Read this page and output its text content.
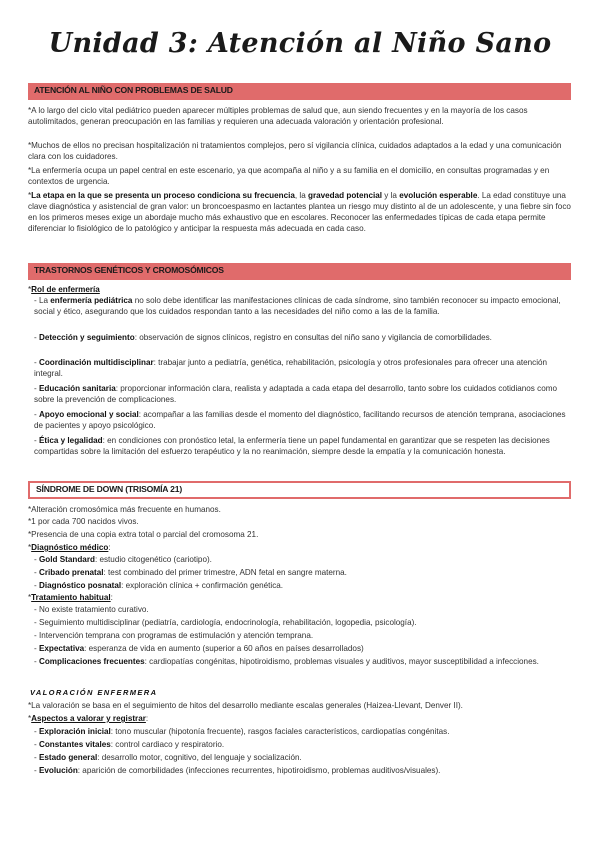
Unidad 3: Atención al Niño Sano
ATENCIÓN AL NIÑO CON PROBLEMAS DE SALUD

*A lo largo del ciclo vital pediátrico pueden aparecer múltiples problemas de salud que, aun siendo frecuentes y en la mayoría de los casos autolimitados, generan preocupación en las familias y requieren una adecuada valoración y orientación profesional.

*Muchos de ellos no precisan hospitalización ni tratamientos complejos, pero sí vigilancia clínica, cuidados adaptados a la edad y una comunicación clara con los cuidadores.

*La enfermería ocupa un papel central en este escenario, ya que acompaña al niño y a su familia en el domicilio, en consultas programadas y en contextos de urgencia.

*La etapa en la que se presenta un proceso condiciona su frecuencia, la gravedad potencial y la evolución esperable. La edad constituye una clave diagnóstica y asistencial de gran valor: un broncoespasmo en lactantes plantea un riesgo muy distinto al de un adolescente, y una fiebre sin foco en los primeros meses exige un abordaje mucho más exhaustivo que en escolares. Reconocer las enfermedades típicas de cada etapa permite diferenciar lo fisiológico de lo patológico y anticipar la respuesta más adecuada en cada caso.

TRASTORNOS GENÉTICOS Y CROMOSÓMICOS

*Rol de enfermería

- La enfermería pediátrica no solo debe identificar las manifestaciones clínicas de cada síndrome, sino también reconocer su impacto emocional, social y ético, asegurando que los cuidados respondan tanto a las necesidades del niño como a las de la familia.

- Detección y seguimiento: observación de signos clínicos, registro en consultas del niño sano y vigilancia de comorbilidades.

- Coordinación multidisciplinar: trabajar junto a pediatría, genética, rehabilitación, psicología y otros profesionales para ofrecer una atención integral.

- Educación sanitaria: proporcionar información clara, realista y adaptada a cada etapa del desarrollo, tanto sobre los cuidados cotidianos como sobre la prevención de complicaciones.

- Apoyo emocional y social: acompañar a las familias desde el momento del diagnóstico, facilitando recursos de atención temprana, asociaciones de pacientes y apoyo psicológico.

- Ética y legalidad: en condiciones con pronóstico letal, la enfermería tiene un papel fundamental en garantizar que se respeten las decisiones compartidas sobre la limitación del esfuerzo terapéutico y la no reanimación, siempre desde la empatía y la comunicación honesta.

SÍNDROME DE DOWN (TRISOMÍA 21)

*Alteración cromosómica más frecuente en humanos.

*1 por cada 700 nacidos vivos.

*Presencia de una copia extra total o parcial del cromosoma 21.

*Diagnóstico médico:

- Gold Standard: estudio citogenético (cariotipo).

- Cribado prenatal: test combinado del primer trimestre, ADN fetal en sangre materna.

- Diagnóstico posnatal: exploración clínica + confirmación genética.

*Tratamiento habitual:

- No existe tratamiento curativo.

- Seguimiento multidisciplinar (pediatría, cardiología, endocrinología, rehabilitación, logopedia, psicología).

- Intervención temprana con programas de estimulación y atención temprana.

- Expectativa: esperanza de vida en aumento (superior a 60 años en países desarrollados)

- Complicaciones frecuentes: cardiopatías congénitas, hipotiroidismo, problemas visuales y auditivos, mayor susceptibilidad a infecciones.

VALORACIÓN ENFERMERA

*La valoración se basa en el seguimiento de hitos del desarrollo mediante escalas generales (Haizea-Llevant, Denver II).

*Aspectos a valorar y registrar:

- Exploración inicial: tono muscular (hipotonía frecuente), rasgos faciales característicos, cardiopatías congénitas.

- Constantes vitales: control cardiaco y respiratorio.

- Estado general: desarrollo motor, cognitivo, del lenguaje y socialización.

- Evolución: aparición de comorbilidades (infecciones recurrentes, hipotiroidismo, problemas auditivos/visuales).
